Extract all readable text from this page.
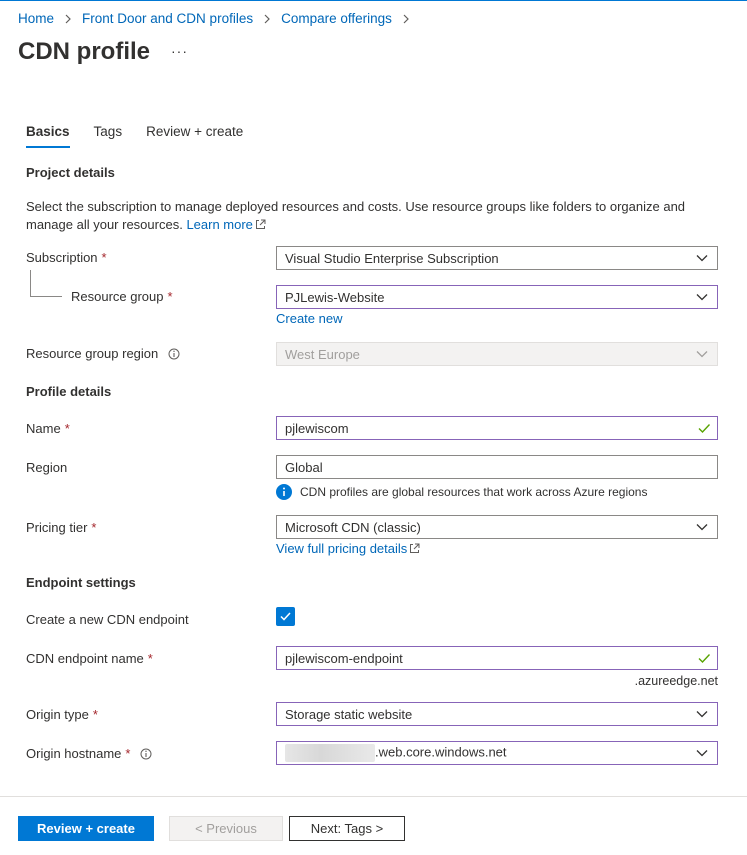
Home Front Door and CDN profiles Compare offerings
CDN profile ···
Basics Tags Review + create
Project details

Select the subscription to manage deployed resources and costs. Use resource groups like folders to organize and manage all your resources. Learn more

Subscription *	Visual Studio Enterprise Subscription
Resource group *	PJLewis-Website
Create new
Resource group region	West Europe
Profile details
Name *	pjlewiscom
Region	Global
CDN profiles are global resources that work across Azure regions
Pricing tier *	Microsoft CDN (classic)
View full pricing details
Endpoint settings
Create a new CDN endpoint
CDN endpoint name *	pjlewiscom-endpoint
.azureedge.net
Origin type *	Storage static website
Origin hostname *	.web.core.windows.net
Review + create	< Previous	Next: Tags >
